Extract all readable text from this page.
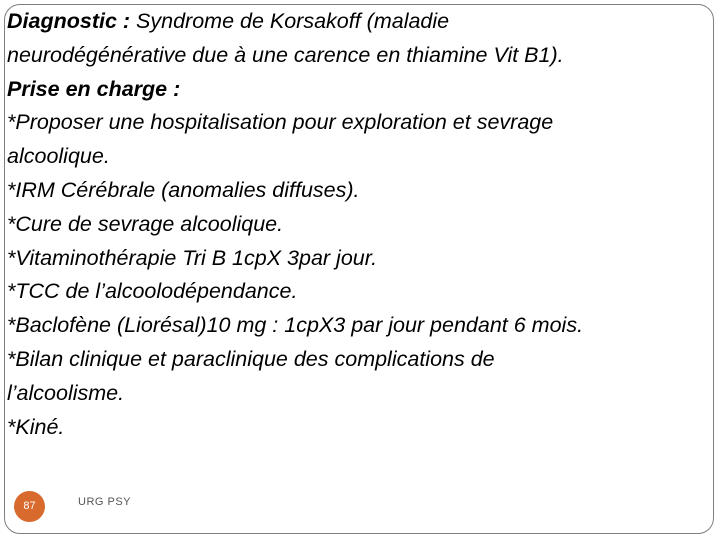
Diagnostic : Syndrome de Korsakoff (maladie

neurodégénérative due à une carence en thiamine Vit B1).

Prise en charge :

*Proposer une hospitalisation pour exploration et sevrage

alcoolique.

*IRM Cérébrale (anomalies diffuses).

*Cure de sevrage alcoolique.

*Vitaminothérapie Tri B 1cpX 3par jour.

*TCC de l’alcoolodépendance.

*Baclofène (Liorésal)10 mg : 1cpX3 par jour pendant 6 mois.

*Bilan clinique et paraclinique des complications de

l’alcoolisme.

*Kiné.

87	URG PSY
